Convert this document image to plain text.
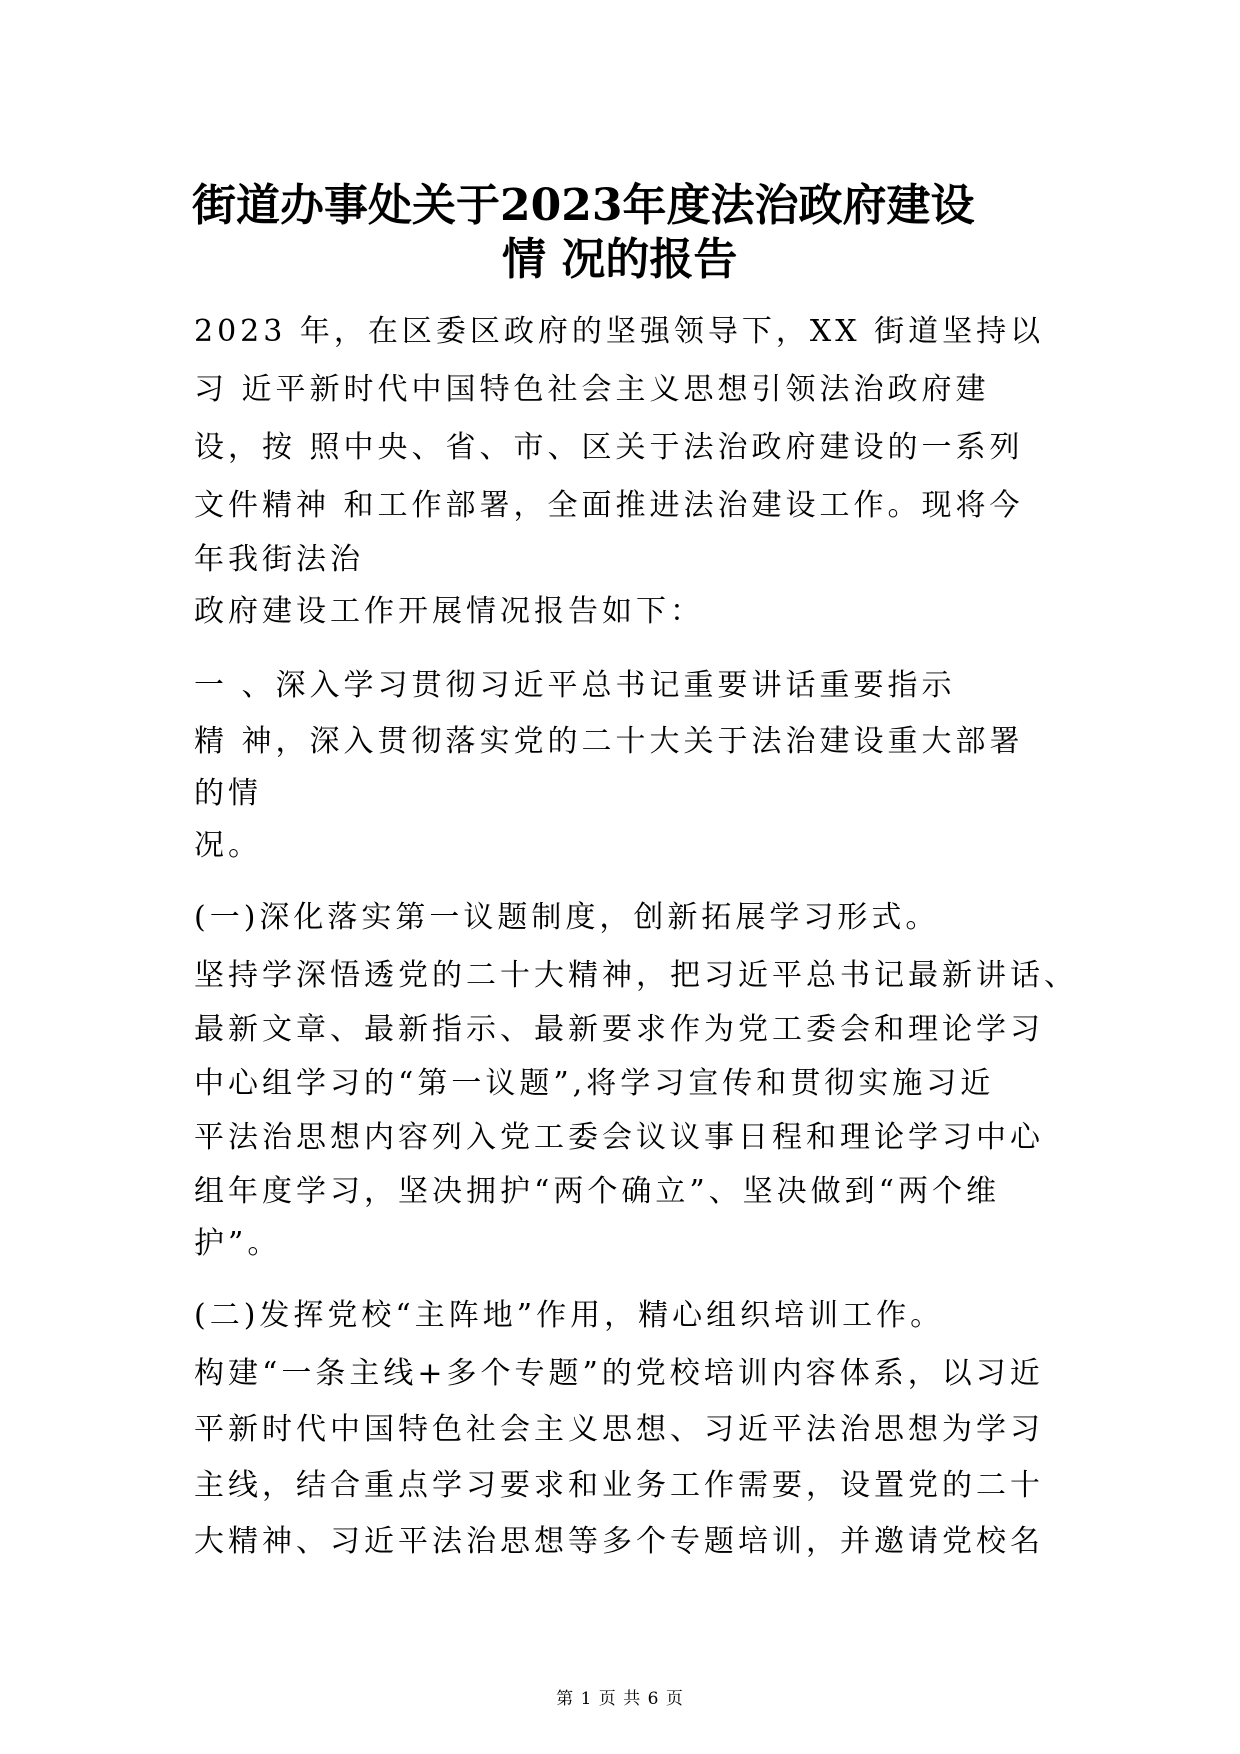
街道办事处关于2023年度法治政府建设
情 况的报告

2023 年，在区委区政府的坚强领导下，XX 街道坚持以

习 近平新时代中国特色社会主义思想引领法治政府建

设，按 照中央、省、市、区关于法治政府建设的一系列

文件精神 和工作部署，全面推进法治建设工作。现将今

年我街法治

政府建设工作开展情况报告如下：

一 、深入学习贯彻习近平总书记重要讲话重要指示

精 神，深入贯彻落实党的二十大关于法治建设重大部署

的情

况。

(一)深化落实第一议题制度，创新拓展学习形式。

坚持学深悟透党的二十大精神，把习近平总书记最新讲话、

最新文章、最新指示、最新要求作为党工委会和理论学习

中心组学习的“第一议题”,将学习宣传和贯彻实施习近

平法治思想内容列入党工委会议议事日程和理论学习中心

组年度学习，坚决拥护“两个确立”、坚决做到“两个维

护”。

(二)发挥党校“主阵地”作用，精心组织培训工作。

构建“一条主线+多个专题”的党校培训内容体系，以习近

平新时代中国特色社会主义思想、习近平法治思想为学习

主线，结合重点学习要求和业务工作需要，设置党的二十

大精神、习近平法治思想等多个专题培训，并邀请党校名

第 1 页 共 6 页
